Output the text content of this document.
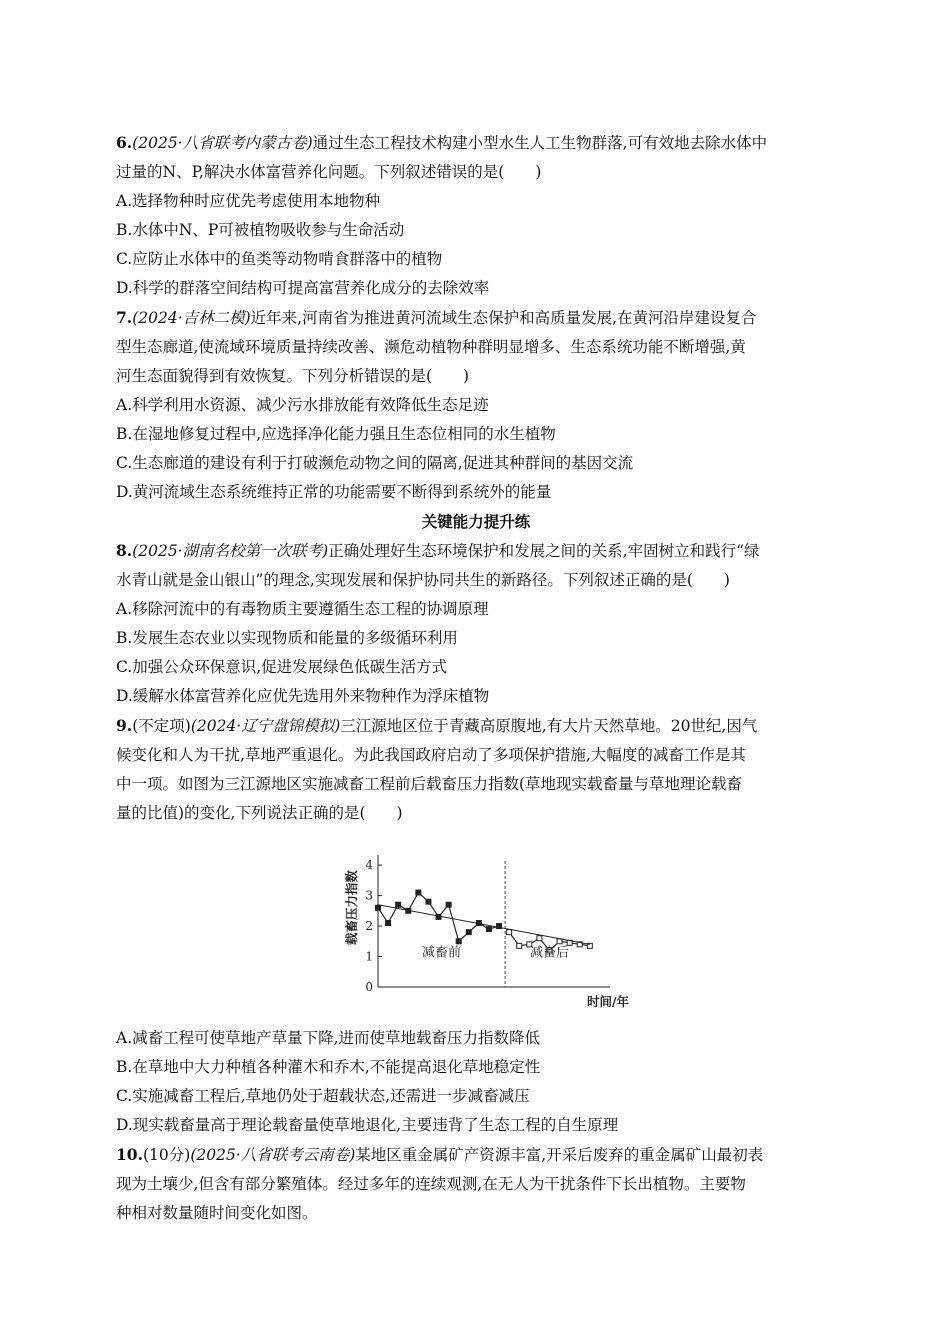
6.(2025·八省联考内蒙古卷)通过生态工程技术构建小型水生人工生物群落,可有效地去除水体中
过量的N、P,解决水体富营养化问题。下列叙述错误的是(　　)
A.选择物种时应优先考虑使用本地物种
B.水体中N、P可被植物吸收参与生命活动
C.应防止水体中的鱼类等动物啃食群落中的植物
D.科学的群落空间结构可提高富营养化成分的去除效率
7.(2024·吉林二模)近年来,河南省为推进黄河流域生态保护和高质量发展,在黄河沿岸建设复合
型生态廊道,使流域环境质量持续改善、濒危动植物种群明显增多、生态系统功能不断增强,黄
河生态面貌得到有效恢复。下列分析错误的是(　　)
A.科学利用水资源、减少污水排放能有效降低生态足迹
B.在湿地修复过程中,应选择净化能力强且生态位相同的水生植物
C.生态廊道的建设有利于打破濒危动物之间的隔离,促进其种群间的基因交流
D.黄河流域生态系统维持正常的功能需要不断得到系统外的能量
关键能力提升练
8.(2025·湖南名校第一次联考)正确处理好生态环境保护和发展之间的关系,牢固树立和践行“绿
水青山就是金山银山”的理念,实现发展和保护协同共生的新路径。下列叙述正确的是(　　)
A.移除河流中的有毒物质主要遵循生态工程的协调原理
B.发展生态农业以实现物质和能量的多级循环利用
C.加强公众环保意识,促进发展绿色低碳生活方式
D.缓解水体富营养化应优先选用外来物种作为浮床植物
9.(不定项)(2024·辽宁盘锦模拟)三江源地区位于青藏高原腹地,有大片天然草地。20世纪,因气
候变化和人为干扰,草地严重退化。为此我国政府启动了多项保护措施,大幅度的减畜工作是其
中一项。如图为三江源地区实施减畜工程前后载畜压力指数(草地现实载畜量与草地理论载畜
量的比值)的变化,下列说法正确的是(　　)
0
1
2
3
4
载畜压力指数
时间/年
减畜前	减畜后
A.减畜工程可使草地产草量下降,进而使草地载畜压力指数降低
B.在草地中大力种植各种灌木和乔木,不能提高退化草地稳定性
C.实施减畜工程后,草地仍处于超载状态,还需进一步减畜减压
D.现实载畜量高于理论载畜量使草地退化,主要违背了生态工程的自生原理
10.(10分)(2025·八省联考云南卷)某地区重金属矿产资源丰富,开采后废弃的重金属矿山最初表
现为土壤少,但含有部分繁殖体。经过多年的连续观测,在无人为干扰条件下长出植物。主要物
种相对数量随时间变化如图。
